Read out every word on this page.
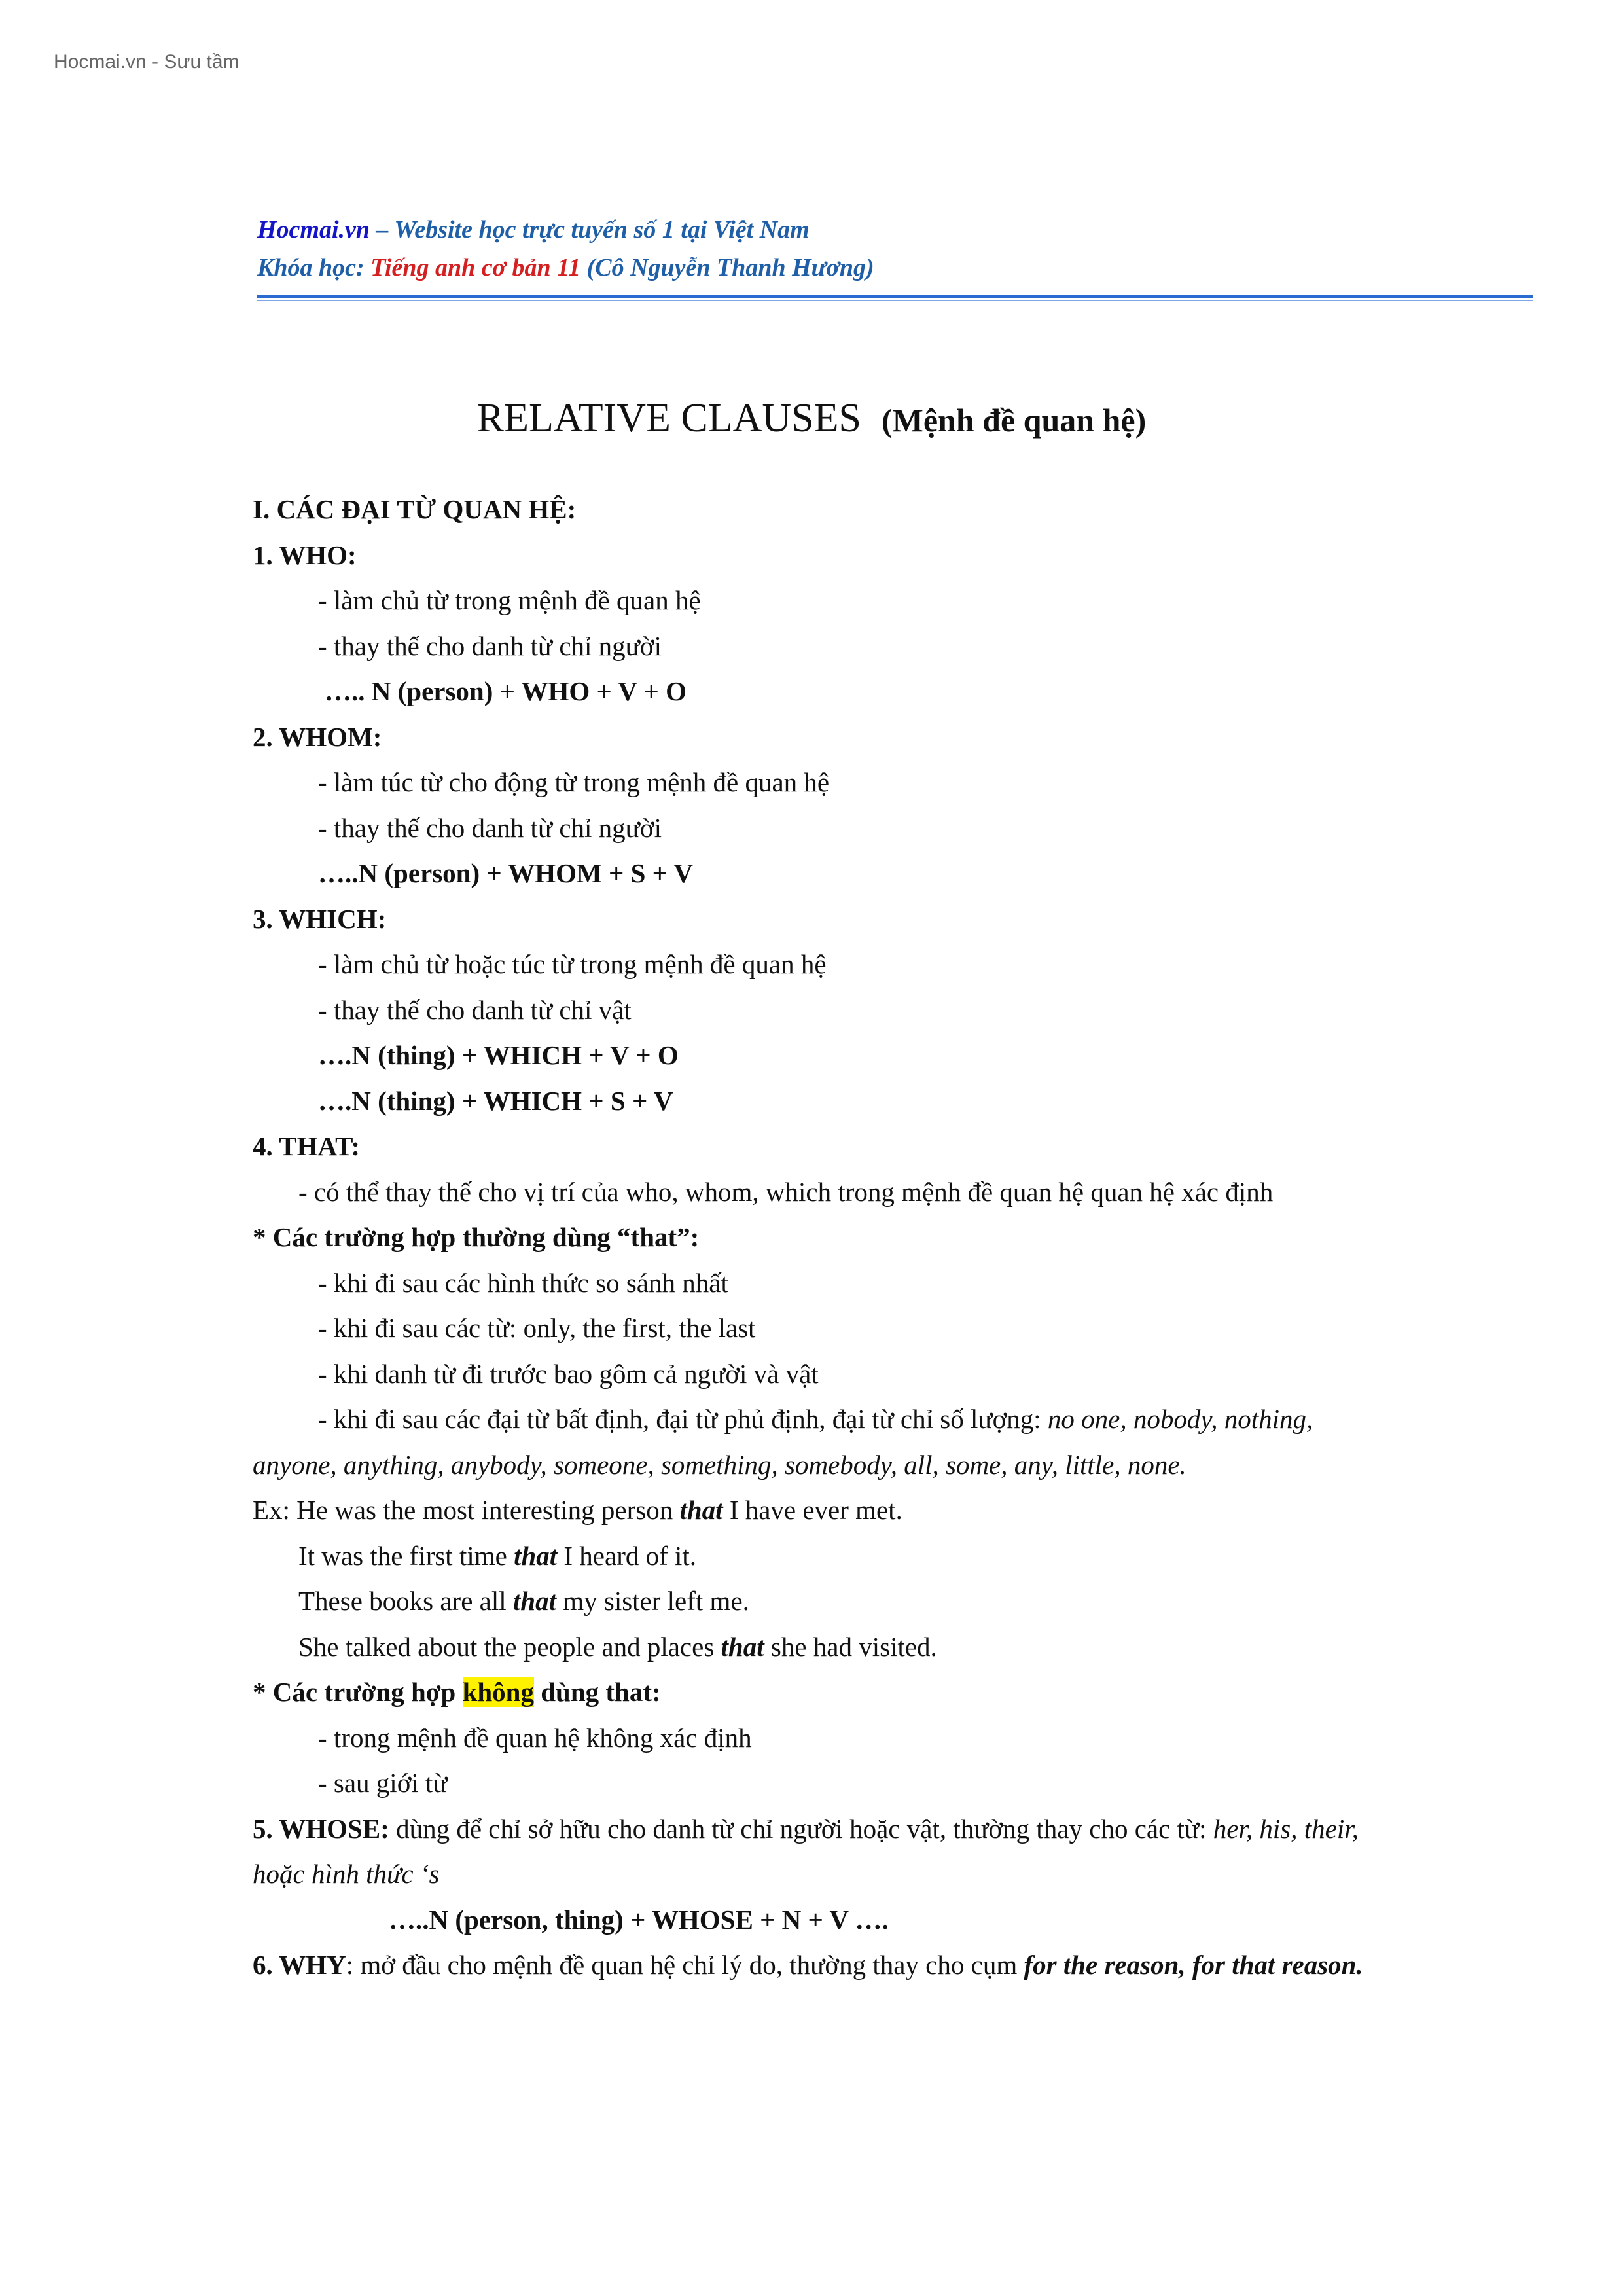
Hocmai.vn - Sưu tầm
Hocmai.vn – Website học trực tuyến số 1 tại Việt Nam
Khóa học: Tiếng anh cơ bản 11 (Cô Nguyễn Thanh Hương)
RELATIVE CLAUSES (Mệnh đề quan hệ)
I. CÁC ĐẠI TỪ QUAN HỆ:
1. WHO:
- làm chủ từ trong mệnh đề quan hệ
- thay thế cho danh từ chỉ người
….. N (person) + WHO + V + O
2. WHOM:
- làm túc từ cho động từ trong mệnh đề quan hệ
- thay thế cho danh từ chỉ người
…..N (person) + WHOM + S + V
3. WHICH:
- làm chủ từ hoặc túc từ trong mệnh đề quan hệ
- thay thế cho danh từ chỉ vật
….N (thing) + WHICH + V + O
….N (thing) + WHICH + S + V
4. THAT:
- có thể thay thế cho vị trí của who, whom, which trong mệnh đề quan hệ quan hệ xác định
* Các trường hợp thường dùng “that”:
- khi đi sau các hình thức so sánh nhất
- khi đi sau các từ: only, the first, the last
- khi danh từ đi trước bao gôm cả người và vật
- khi đi sau các đại từ bất định, đại từ phủ định, đại từ chỉ số lượng: no one, nobody, nothing,
anyone, anything, anybody, someone, something, somebody, all, some, any, little, none.
Ex: He was the most interesting person that I have ever met.
It was the first time that I heard of it.
These books are all that my sister left me.
She talked about the people and places that she had visited.
* Các trường hợp không dùng that:
- trong mệnh đề quan hệ không xác định
- sau giới từ
5. WHOSE: dùng để chỉ sở hữu cho danh từ chỉ người hoặc vật, thường thay cho các từ: her, his, their,
hoặc hình thức ‘s
…..N (person, thing) + WHOSE + N + V ….
6. WHY: mở đầu cho mệnh đề quan hệ chỉ lý do, thường thay cho cụm for the reason, for that reason.
